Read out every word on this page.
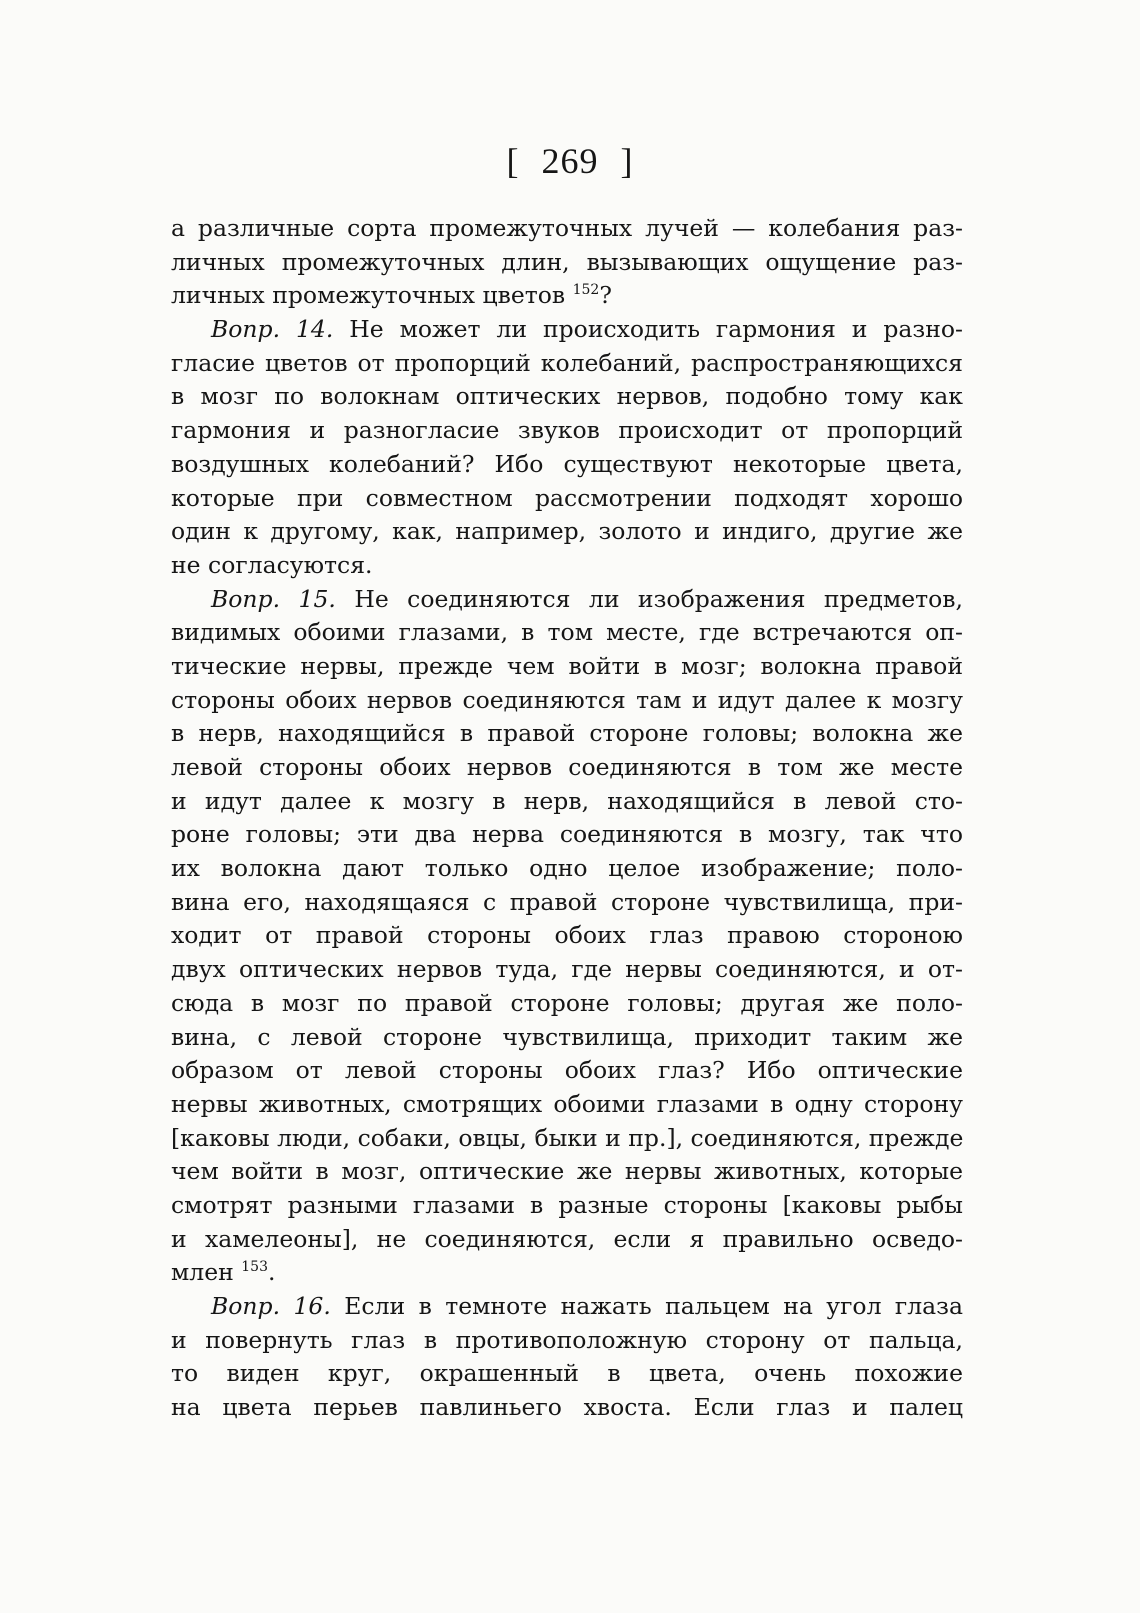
[ 269 ]
а различные сорта промежуточных лучей — колебания раз-
личных промежуточных длин, вызывающих ощущение раз-
личных промежуточных цветов $^{152}$?
Вопр. 14. Не может ли происходить гармония и разно-
гласие цветов от пропорций колебаний, распространяющихся
в мозг по волокнам оптических нервов, подобно тому как
гармония и разногласие звуков происходит от пропорций
воздушных колебаний? Ибо существуют некоторые цвета,
которые при совместном рассмотрении подходят хорошо
один к другому, как, например, золото и индиго, другие же
не согласуются.
Вопр. 15. Не соединяются ли изображения предметов,
видимых обоими глазами, в том месте, где встречаются оп-
тические нервы, прежде чем войти в мозг; волокна правой
стороны обоих нервов соединяются там и идут далее к мозгу
в нерв, находящийся в правой стороне головы; волокна же
левой стороны обоих нервов соединяются в том же месте
и идут далее к мозгу в нерв, находящийся в левой сто-
роне головы; эти два нерва соединяются в мозгу, так что
их волокна дают только одно целое изображение; поло-
вина его, находящаяся с правой стороне чувствилища, при-
ходит от правой стороны обоих глаз правою стороною
двух оптических нервов туда, где нервы соединяются, и от-
сюда в мозг по правой стороне головы; другая же поло-
вина, с левой стороне чувствилища, приходит таким же
образом от левой стороны обоих глаз? Ибо оптические
нервы животных, смотрящих обоими глазами в одну сторону
[каковы люди, собаки, овцы, быки и пр.], соединяются, прежде
чем войти в мозг, оптические же нервы животных, которые
смотрят разными глазами в разные стороны [каковы рыбы
и хамелеоны], не соединяются, если я правильно осведо-
млен $^{153}$.
Вопр. 16. Если в темноте нажать пальцем на угол глаза
и повернуть глаз в противоположную сторону от пальца,
то виден круг, окрашенный в цвета, очень похожие
на цвета перьев павлиньего хвоста. Если глаз и палец
